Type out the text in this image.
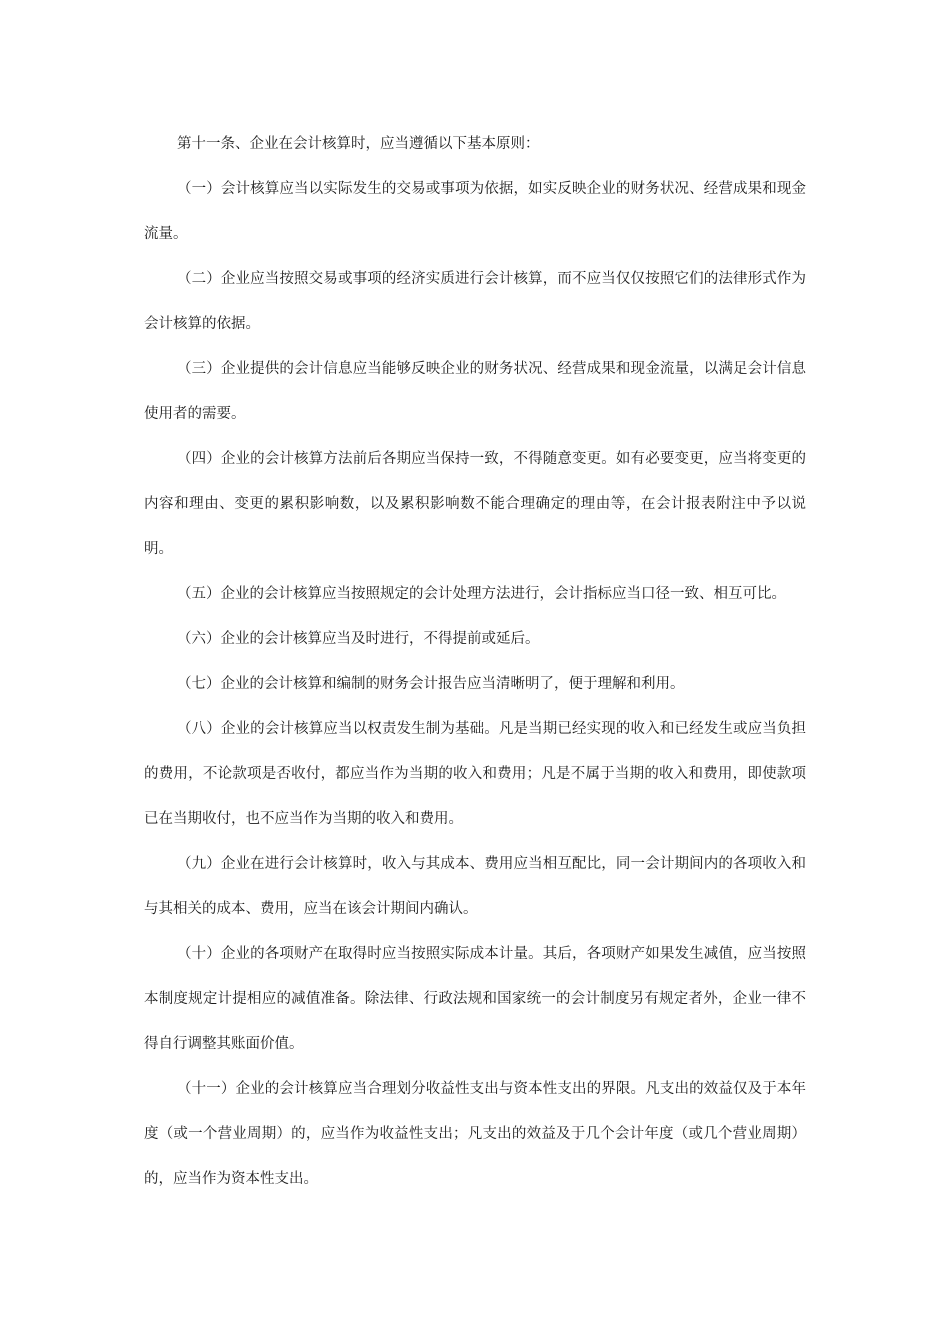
第十一条、企业在会计核算时，应当遵循以下基本原则：

（一）会计核算应当以实际发生的交易或事项为依据，如实反映企业的财务状况、经营成果和现金流量。

（二）企业应当按照交易或事项的经济实质进行会计核算，而不应当仅仅按照它们的法律形式作为会计核算的依据。

（三）企业提供的会计信息应当能够反映企业的财务状况、经营成果和现金流量，以满足会计信息使用者的需要。

（四）企业的会计核算方法前后各期应当保持一致，不得随意变更。如有必要变更，应当将变更的内容和理由、变更的累积影响数，以及累积影响数不能合理确定的理由等，在会计报表附注中予以说明。

（五）企业的会计核算应当按照规定的会计处理方法进行，会计指标应当口径一致、相互可比。

（六）企业的会计核算应当及时进行，不得提前或延后。

（七）企业的会计核算和编制的财务会计报告应当清晰明了，便于理解和利用。

（八）企业的会计核算应当以权责发生制为基础。凡是当期已经实现的收入和已经发生或应当负担的费用，不论款项是否收付，都应当作为当期的收入和费用；凡是不属于当期的收入和费用，即使款项已在当期收付，也不应当作为当期的收入和费用。

（九）企业在进行会计核算时，收入与其成本、费用应当相互配比，同一会计期间内的各项收入和与其相关的成本、费用，应当在该会计期间内确认。

（十）企业的各项财产在取得时应当按照实际成本计量。其后，各项财产如果发生减值，应当按照本制度规定计提相应的减值准备。除法律、行政法规和国家统一的会计制度另有规定者外，企业一律不得自行调整其账面价值。

（十一）企业的会计核算应当合理划分收益性支出与资本性支出的界限。凡支出的效益仅及于本年度（或一个营业周期）的，应当作为收益性支出；凡支出的效益及于几个会计年度（或几个营业周期）的，应当作为资本性支出。
